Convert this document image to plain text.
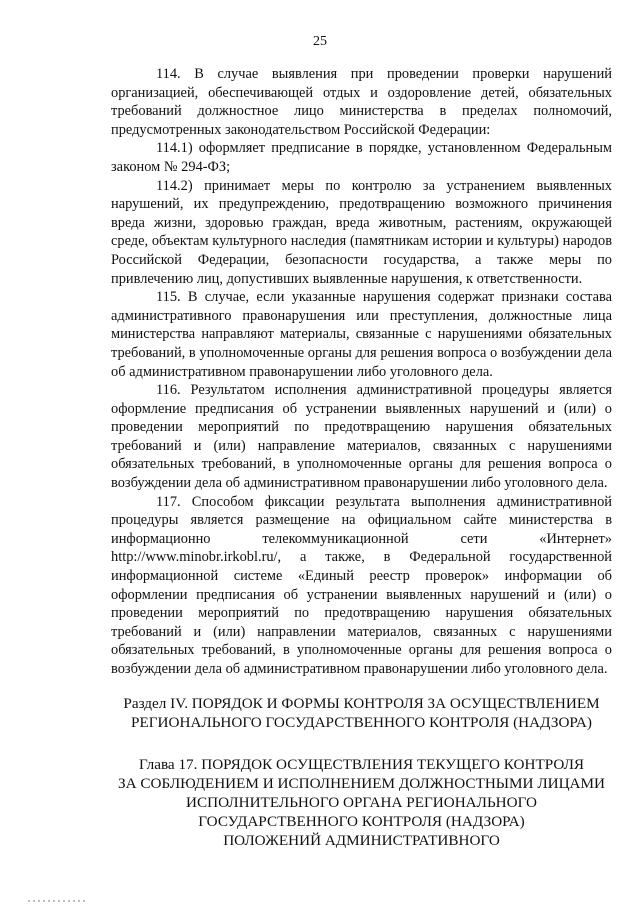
25

114. В случае выявления при проведении проверки нарушений организацией, обеспечивающей отдых и оздоровление детей, обязательных требований должностное лицо министерства в пределах полномочий, предусмотренных законодательством Российской Федерации:

114.1) оформляет предписание в порядке, установленном Федеральным законом № 294-ФЗ;

114.2) принимает меры по контролю за устранением выявленных нарушений, их предупреждению, предотвращению возможного причинения вреда жизни, здоровью граждан, вреда животным, растениям, окружающей среде, объектам культурного наследия (памятникам истории и культуры) народов Российской Федерации, безопасности государства, а также меры по привлечению лиц, допустивших выявленные нарушения, к ответственности.

115. В случае, если указанные нарушения содержат признаки состава административного правонарушения или преступления, должностные лица министерства направляют материалы, связанные с нарушениями обязательных требований, в уполномоченные органы для решения вопроса о возбуждении дела об административном правонарушении либо уголовного дела.

116. Результатом исполнения административной процедуры является оформление предписания об устранении выявленных нарушений и (или) о проведении мероприятий по предотвращению нарушения обязательных требований и (или) направление материалов, связанных с нарушениями обязательных требований, в уполномоченные органы для решения вопроса о возбуждении дела об административном правонарушении либо уголовного дела.

117. Способом фиксации результата выполнения административной процедуры является размещение на официальном сайте министерства в информационно телекоммуникационной сети «Интернет» http://www.minobr.irkobl.ru/, а также, в Федеральной государственной информационной системе «Единый реестр проверок» информации об оформлении предписания об устранении выявленных нарушений и (или) о проведении мероприятий по предотвращению нарушения обязательных требований и (или) направлении материалов, связанных с нарушениями обязательных требований, в уполномоченные органы для решения вопроса о возбуждении дела об административном правонарушении либо уголовного дела.

Раздел IV. ПОРЯДОК И ФОРМЫ КОНТРОЛЯ ЗА ОСУЩЕСТВЛЕНИЕМ
РЕГИОНАЛЬНОГО ГОСУДАРСТВЕННОГО КОНТРОЛЯ (НАДЗОРА)
Глава 17. ПОРЯДОК ОСУЩЕСТВЛЕНИЯ ТЕКУЩЕГО КОНТРОЛЯ
ЗА СОБЛЮДЕНИЕМ И ИСПОЛНЕНИЕМ ДОЛЖНОСТНЫМИ ЛИЦАМИ
ИСПОЛНИТЕЛЬНОГО ОРГАНА РЕГИОНАЛЬНОГО
ГОСУДАРСТВЕННОГО КОНТРОЛЯ (НАДЗОРА)
ПОЛОЖЕНИЙ АДМИНИСТРАТИВНОГО
